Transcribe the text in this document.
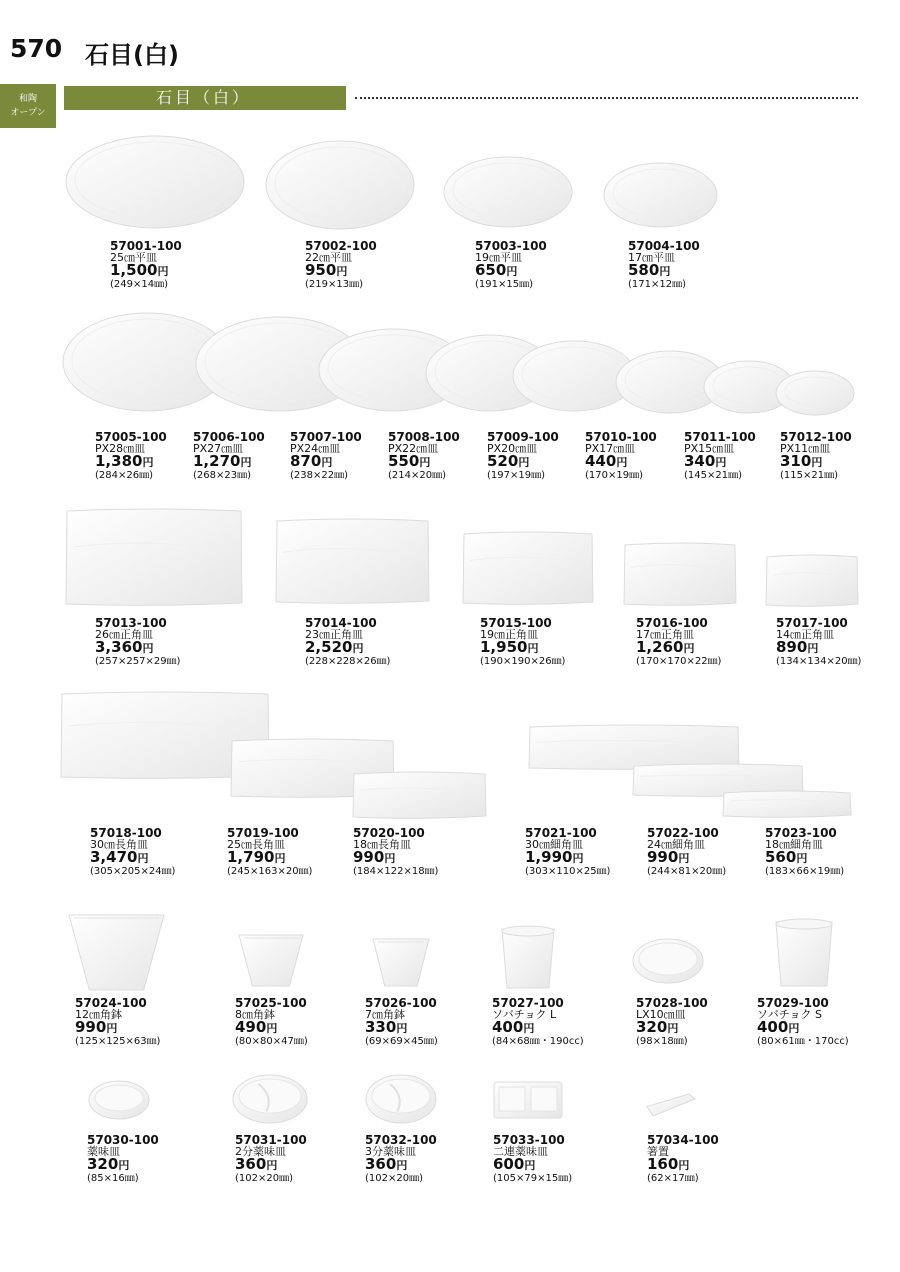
570 石目(白)
和陶
オープン
石目（白）
57001-100
25㎝平皿
1,500円
(249×14㎜)
57002-100
22㎝平皿
950円
(219×13㎜)
57003-100
19㎝平皿
650円
(191×15㎜)
57004-100
17㎝平皿
580円
(171×12㎜)
57005-100
PX28㎝皿
1,380円
(284×26㎜)
57006-100
PX27㎝皿
1,270円
(268×23㎜)
57007-100
PX24㎝皿
870円
(238×22㎜)
57008-100
PX22㎝皿
550円
(214×20㎜)
57009-100
PX20㎝皿
520円
(197×19㎜)
57010-100
PX17㎝皿
440円
(170×19㎜)
57011-100
PX15㎝皿
340円
(145×21㎜)
57012-100
PX11㎝皿
310円
(115×21㎜)
57013-100
26㎝正角皿
3,360円
(257×257×29㎜)
57014-100
23㎝正角皿
2,520円
(228×228×26㎜)
57015-100
19㎝正角皿
1,950円
(190×190×26㎜)
57016-100
17㎝正角皿
1,260円
(170×170×22㎜)
57017-100
14㎝正角皿
890円
(134×134×20㎜)
57018-100
30㎝長角皿
3,470円
(305×205×24㎜)
57019-100
25㎝長角皿
1,790円
(245×163×20㎜)
57020-100
18㎝長角皿
990円
(184×122×18㎜)
57021-100
30㎝細角皿
1,990円
(303×110×25㎜)
57022-100
24㎝細角皿
990円
(244×81×20㎜)
57023-100
18㎝細角皿
560円
(183×66×19㎜)
57024-100
12㎝角鉢
990円
(125×125×63㎜)
57025-100
8㎝角鉢
490円
(80×80×47㎜)
57026-100
7㎝角鉢
330円
(69×69×45㎜)
57027-100
ソバチョク L
400円
(84×68㎜・190cc)
57028-100
LX10㎝皿
320円
(98×18㎜)
57029-100
ソバチョク S
400円
(80×61㎜・170cc)
57030-100
薬味皿
320円
(85×16㎜)
57031-100
2分薬味皿
360円
(102×20㎜)
57032-100
3分薬味皿
360円
(102×20㎜)
57033-100
二連薬味皿
600円
(105×79×15㎜)
57034-100
箸置
160円
(62×17㎜)
